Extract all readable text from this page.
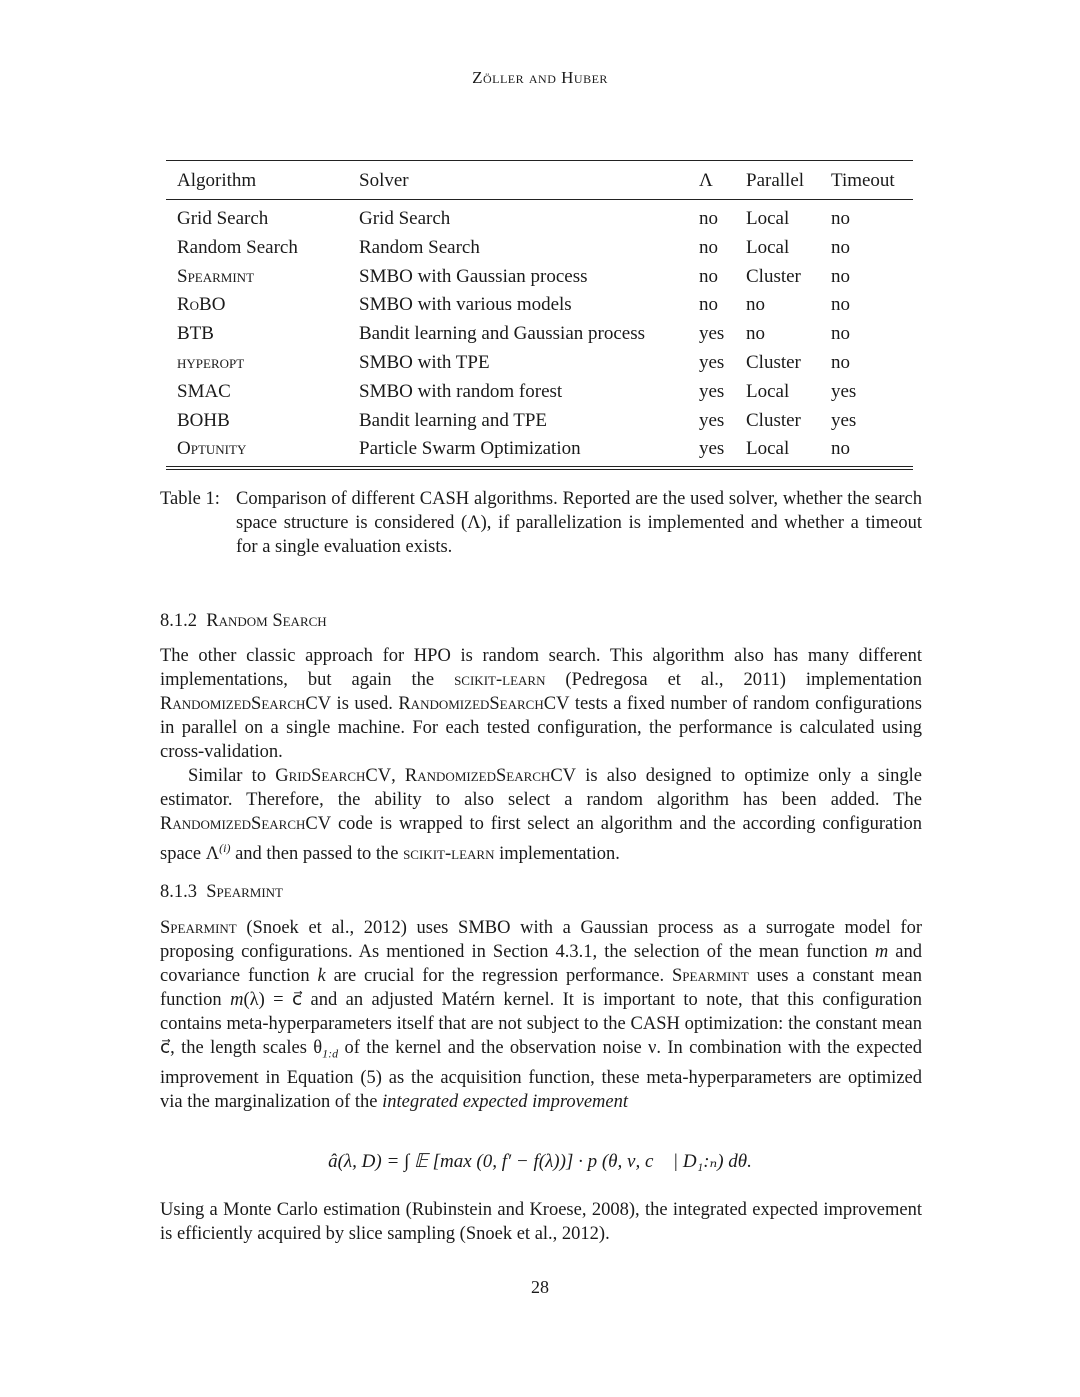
Zöller and Huber
Algorithm	Solver	Λ Parallel Timeout
Grid Search	Grid Search	no Local no
Random Search	Random Search	no Local no
Spearmint	SMBO with Gaussian process	no Cluster no
RoBO	SMBO with various models	no no	no
BTB	Bandit learning and Gaussian process	yes no	no
hyperopt	SMBO with TPE	yes Cluster no
SMAC	SMBO with random forest	yes Local yes
BOHB	Bandit learning and TPE	yes Cluster yes
Optunity	Particle Swarm Optimization	yes Local no
Table 1: Comparison of different CASH algorithms. Reported are the used solver, whether the search space structure is considered (Λ), if parallelization is implemented and whether a timeout for a single evaluation exists.
8.1.2 Random Search
The other classic approach for HPO is random search. This algorithm also has many different implementations, but again the scikit-learn (Pedregosa et al., 2011) implementation RandomizedSearchCV is used. RandomizedSearchCV tests a fixed number of random configurations in parallel on a single machine. For each tested configuration, the performance is calculated using cross-validation.
Similar to GridSearchCV, RandomizedSearchCV is also designed to optimize only a single estimator. Therefore, the ability to also select a random algorithm has been added. The RandomizedSearchCV code is wrapped to first select an algorithm and the according configuration space $\Lambda^{(i)}$ and then passed to the scikit-learn implementation.
8.1.3 Spearmint
Spearmint (Snoek et al., 2012) uses SMBO with a Gaussian process as a surrogate model for proposing configurations. As mentioned in Section 4.3.1, the selection of the mean function m and covariance function k are crucial for the regression performance. Spearmint uses a constant mean function m(λ) = c⃗ and an adjusted Matérn kernel. It is important to note, that this configuration contains meta-hyperparameters itself that are not subject to the CASH optimization: the constant mean c⃗, the length scales $\theta_{1:d}$ of the kernel and the observation noise ν. In combination with the expected improvement in Equation (5) as the acquisition function, these meta-hyperparameters are optimized via the marginalization of the integrated expected improvement
â(λ, D) = ∫ 𝔼 [max (0, f′ − f(λ))] · p (θ, ν, c⃗ | D₁:ₙ) dθ.
Using a Monte Carlo estimation (Rubinstein and Kroese, 2008), the integrated expected improvement is efficiently acquired by slice sampling (Snoek et al., 2012).
28
